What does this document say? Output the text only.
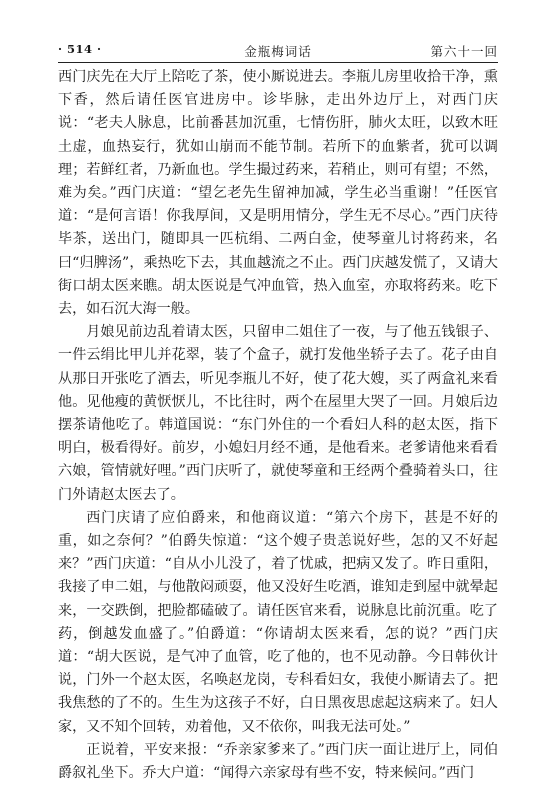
· 514 ·	金瓶梅词话	第六十一回

西门庆先在大厅上陪吃了茶，使小厮说进去。李瓶儿房里收拾干净，熏下香，然后请任医官进房中。诊毕脉，走出外边厅上，对西门庆说：“老夫人脉息，比前番甚加沉重，七情伤肝，肺火太旺，以致木旺土虚，血热妄行，犹如山崩而不能节制。若所下的血紫者，犹可以调理；若鲜红者，乃新血也。学生撮过药来，若稍止，则可有望；不然，难为矣。”西门庆道：“望乞老先生留神加减，学生必当重谢！”任医官道：“是何言语！你我厚间，又是明用情分，学生无不尽心。”西门庆待毕茶，送出门，随即具一匹杭绢、二两白金，使琴童儿讨将药来，名曰“归脾汤”，乘热吃下去，其血越流之不止。西门庆越发慌了，又请大街口胡太医来瞧。胡太医说是气冲血管，热入血室，亦取将药来。吃下去，如石沉大海一般。

月娘见前边乱着请太医，只留申二姐住了一夜，与了他五钱银子、一件云绢比甲儿并花翠，装了个盒子，就打发他坐轿子去了。花子由自从那日开张吃了酒去，听见李瓶儿不好，使了花大嫂，买了两盒礼来看他。见他瘦的黄恹恹儿，不比往时，两个在屋里大哭了一回。月娘后边摆茶请他吃了。韩道国说：“东门外住的一个看妇人科的赵太医，指下明白，极看得好。前岁，小媳妇月经不通，是他看来。老爹请他来看看六娘，管情就好哩。”西门庆听了，就使琴童和王经两个叠骑着头口，往门外请赵太医去了。

西门庆请了应伯爵来，和他商议道：“第六个房下，甚是不好的重，如之奈何？”伯爵失惊道：“这个嫂子贵恙说好些，怎的又不好起来？”西门庆道：“自从小儿没了，着了忧戚，把病又发了。昨日重阳，我接了申二姐，与他散闷顽耍，他又没好生吃酒，谁知走到屋中就晕起来，一交跌倒，把脸都磕破了。请任医官来看，说脉息比前沉重。吃了药，倒越发血盛了。”伯爵道：“你请胡太医来看，怎的说？”西门庆道：“胡大医说，是气冲了血管，吃了他的，也不见动静。今日韩伙计说，门外一个赵太医，名唤赵龙岗，专科看妇女，我使小厮请去了。把我焦愁的了不的。生生为这孩子不好，白日黑夜思虑起这病来了。妇人家，又不知个回转，劝着他，又不依你，叫我无法可处。”

正说着，平安来报：“乔亲家爹来了。”西门庆一面让进厅上，同伯爵叙礼坐下。乔大户道：“闻得六亲家母有些不安，特来候问。”西门
